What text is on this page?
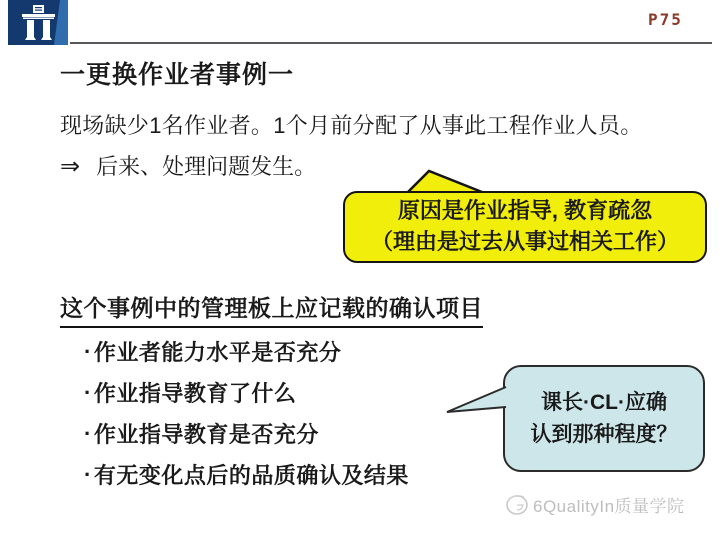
P75
一更换作业者事例一
现场缺少1名作业者。1个月前分配了从事此工程作业人员。
⇒ 后来、处理问题发生。
原因是作业指导, 教育疏忽
（理由是过去从事过相关工作）
这个事例中的管理板上应记载的确认项目
· 作业者能力水平是否充分
· 作业指导教育了什么
· 作业指导教育是否充分
· 有无变化点后的品质确认及结果
课长·CL·应确
认到那种程度？
6QualityIn质量学院
